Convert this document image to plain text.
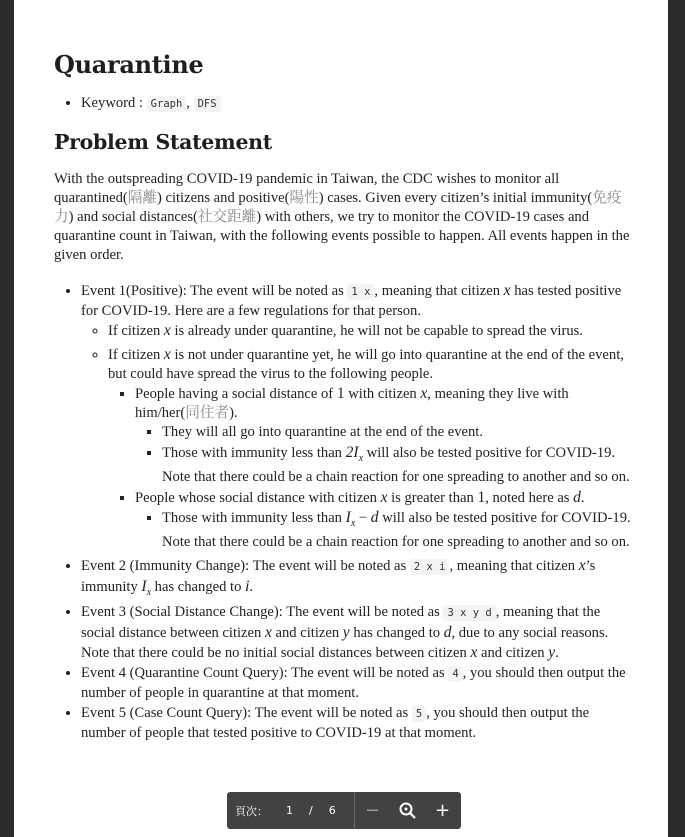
Quarantine
• Keyword : Graph , DFS
Problem Statement

With the outspreading COVID-19 pandemic in Taiwan, the CDC wishes to monitor all quarantined(隔離) citizens and positive(陽性) cases. Given every citizen’s initial immunity(免疫力) and social distances(社交距離) with others, we try to monitor the COVID-19 cases and quarantine count in Taiwan, with the following events possible to happen. All events happen in the given order.

• Event 1(Positive): The event will be noted as 1 x , meaning that citizen x has tested positive for COVID-19. Here are a few regulations for that person.
◦ If citizen x is already under quarantine, he will not be capable to spread the virus.
◦ If citizen x is not under quarantine yet, he will go into quarantine at the end of the event, but could have spread the virus to the following people.
▪ People having a social distance of 1 with citizen x, meaning they live with him/her(同住者).
▪ They will all go into quarantine at the end of the event.
▪ Those with immunity less than $2I_x$ will also be tested positive for COVID-19. Note that there could be a chain reaction for one spreading to another and so on.
▪ People whose social distance with citizen x is greater than 1, noted here as d.
▪ Those with immunity less than $I_x - d$ will also be tested positive for COVID-19. Note that there could be a chain reaction for one spreading to another and so on.
• Event 2 (Immunity Change): The event will be noted as 2 x i , meaning that citizen x’s immunity $I_x$ has changed to i.
• Event 3 (Social Distance Change): The event will be noted as 3 x y d , meaning that the social distance between citizen x and citizen y has changed to d, due to any social reasons. Note that there could be no initial social distances between citizen x and citizen y.
• Event 4 (Quarantine Count Query): The event will be noted as 4 , you should then output the number of people in quarantine at that moment.
• Event 5 (Case Count Query): The event will be noted as 5 , you should then output the number of people that tested positive to COVID-19 at that moment.
頁次： 1 / 6	−	+
